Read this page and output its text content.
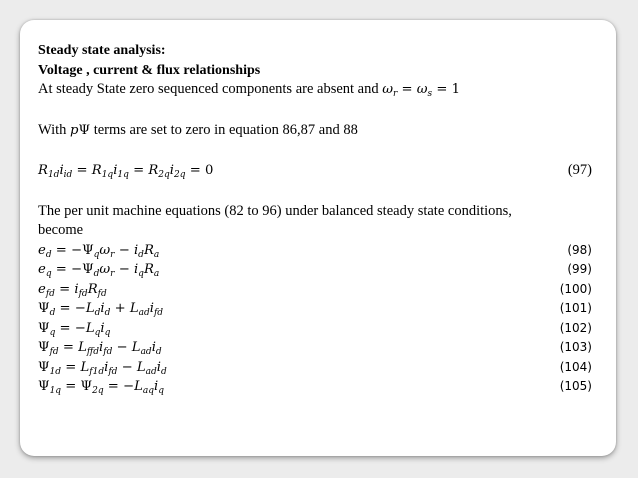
Steady state analysis:
Voltage , current & flux relationships
At steady State zero sequenced components are absent and $\omega_r = \omega_s = 1$
With pΨ terms are set to zero in equation 86,87 and 88
$R_{1d}i_{id} = R_{1q}i_{1q} = R_{2q}i_{2q} = 0$	(97)
The per unit machine equations (82 to 96) under balanced steady state conditions,
become
$e_d = -\Psi_q\omega_r - i_dR_a$	(98)
$e_q = -\Psi_d\omega_r - i_qR_a$	(99)
$e_{fd} = i_{fd}R_{fd}$	(100)
$\Psi_d = -L_di_d + L_{ad}i_{fd}$	(101)
$\Psi_q = -L_qi_q$	(102)
$\Psi_{fd} = L_{ffd}i_{fd} - L_{ad}i_d$	(103)
$\Psi_{1d} = L_{f1d}i_{fd} - L_{ad}i_d$	(104)
$\Psi_{1q} = \Psi_{2q} = -L_{aq}i_q$	(105)
